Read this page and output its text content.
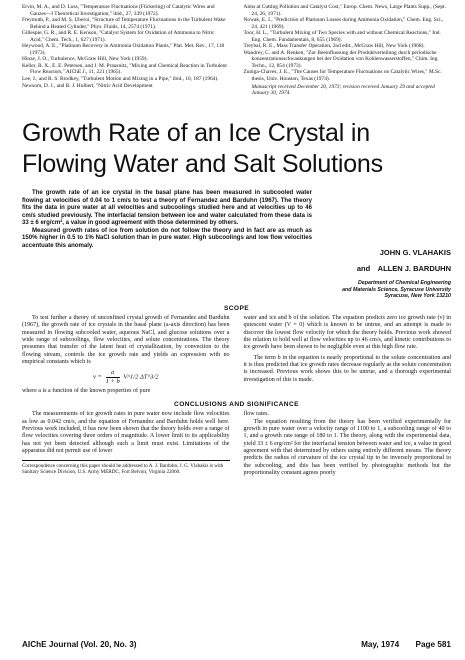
Ervin, M. A., and D. Luss, "Temperature Fluctuations (Flickering) of Catalytic Wires and Gauzes—I Theoretical Investigation," ibid., 27, 339 (1972).

Freymuth, P., and M. S. Uberoi, "Structure of Temperature Fluctuations in the Turbulent Wake Behind a Heated Cylinder," Phys. Fluids, 14, 2574 (1971).

Gillespie, G. R., and R. E. Kenson, "Catalyst System for Oxidation of Ammonia to Nitric Acid," Chem. Tech., 1, 627 (1971).

Heywood, A. E., "Platinum Recovery in Ammonia Oxidation Plants," Plat. Met. Rev., 17, 118 (1973).

Hinze, J. O., Turbulence, McGraw Hill, New York (1959).

Keller, R. X., E. E. Petersen, and J. M. Prausnitz, "Mixing and Chemical Reaction in Turbulent Flow Reactors," AIChE J., 11, 221 (1965).

Lee, J., and R. S. Brodkey, "Turbulent Motion and Mixing in a Pipe," ibid., 10, 187 (1964).

Newsom, D. J., and B. J. Hulbert, "Nitric Acid Development

Aims at Cutting Pollution and Catalyst Cost," Europ. Chem. News, Large Plants Supp., (Sept. 24, 26, 1971).

Nowak, E. J., "Prediction of Platinum Losses during Ammonia Oxidation," Chem. Eng. Sci., 24, 421 (1969).

Toor, H. L., "Turbulent Mixing of Two Species with and without Chemical Reactions," Ind. Eng. Chem. Fundamentals, 8, 655 (1969).

Treybal, R. E., Mass Transfer Operation, 2nd edit., McGraw Hill, New York (1968).

Wandrey, C. and A. Renken, "Zur Beeinflussung der Produktverteilung durch periodische konzentrationsschwankungen bei der Oxidation von Kohlenwasserstoffen," Chim. Ing. Techn., 12, 854 (1973).

Zuniga-Chaves, J. E., "The Causes for Temperature Fluctuations on Catalytic Wires," M.Sc. thesis, Univ. Houston, Texas (1974).

Manuscript received December 20, 1973; revision received January 29 and accepted January 30, 1974.

Growth Rate of an Ice Crystal in Flowing Water and Salt Solutions

The growth rate of an ice crystal in the basal plane has been measured in subcooled water flowing at velocities of 0.04 to 1 cm/s to test a theory of Fernandez and Barduhn (1967). The theory fits the data in pure water at all velocities and subcoolings studied here and at velocities up to 46 cm/s studied previously. The interfacial tension between ice and water calculated from these data is 33 ± 6 erg/cm², a value in good agreement with those determined by others.

Measured growth rates of ice from solution do not follow the theory and in fact are as much as 150% higher in 0.5 to 1% NaCl solution than in pure water. High subcoolings and low flow velocities accentuate this anomaly.

JOHN G. VLAHAKIS
and ALLEN J. BARDUHN
Department of Chemical Engineering
and Materials Science, Syracuse University
Syracuse, New York 13210
SCOPE

To test further a theory of unconfined crystal growth of Fernandez and Barduhn (1967), the growth rate of ice crystals in the basal plane (a-axis direction) has been measured in flowing subcooled water, aqueous NaCl, and glucose solutions over a wide range of subcoolings, flow velocities, and solute concentrations. The theory presumes that transfer of the latent heat of crystallization, by convection to the flowing stream, controls the ice growth rate and yields an expression with no empirical constants which is

$v = \frac{a}{1 + b}$ V^1/2 ΔT^3/2

where a is a function of the known properties of pure

water and ice and b of the solution. The equation predicts zero ice growth rate (v) in quiescent water (V = 0) which is known to be untrue, and an attempt is made to discover the lowest flow velocity for which the theory holds. Previous work showed the relation to hold well at flow velocities up to 46 cm/s, and kinetic contributions to ice growth have been shown to be negligible even at this high flow rate.

The term b in the equation is nearly proportional to the solute concentration and it is thus predicted that ice growth rates decrease regularly as the solute concentration is increased. Previous work shows this to be untrue, and a thorough experimental investigation of this is made.

CONCLUSIONS AND SIGNIFICANCE

The measurements of ice growth rates in pure water now include flow velocities as low as 0.042 cm/s, and the equation of Fernandez and Barduhn holds well here. Previous work included, it has now been shown that the theory holds over a range of flow velocities covering three orders of magnitude. A lower limit to its applicability has not yet been detected although such a limit must exist. Limitations of the apparatus did not permit use of lower

Correspondence concerning this paper should be addressed to A. J. Barduhn. J. G. Vlahakis is with Sanitary Science Division, U.S. Army MERDC, Fort Belvoir, Virginia 22060.

flow rates.

The equation resulting from the theory has been verified experimentally for growth in pure water over a velocity range of 1100 to 1, a subcooling range of 40 to 1, and a growth rate range of 180 to 1. The theory, along with the experimental data, yield 33 ± 6 erg/cm² for the interfacial tension between water and ice, a value in good agreement with that determined by others using entirely different means. The theory predicts the radius of curvature of the ice crystal tip to be inversely proportional to the subcooling, and this has been verified by photographic methods but the proportionality constant agrees poorly

AIChE Journal (Vol. 20, No. 3)	May, 1974 Page 581
